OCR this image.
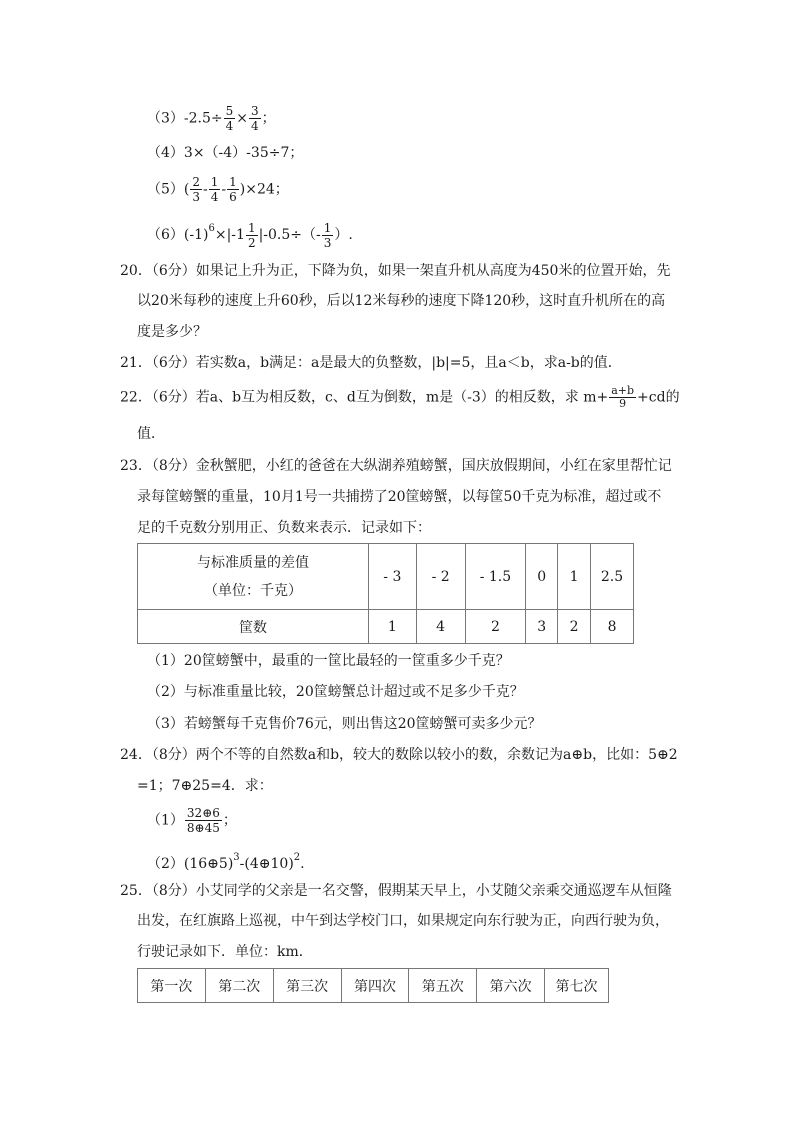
$(3)-2.5\div \frac{5}{4} \times \frac{3}{4}$ ；
（4）3×（-4）-35÷7；
$(5)( \frac{2}{3} - \frac{1}{4} - \frac{1}{6} )\times 24$；
$(6)(-1)^6\times|-1 \frac{1}{2} |-0.5\div(- \frac{1}{3}$ ）.
20．（6分）如果记上升为正，下降为负，如果一架直升机从高度为450米的位置开始，先
以20米每秒的速度上升60秒，后以12米每秒的速度下降120秒，这时直升机所在的高
度是多少？
21．（6分）若实数a，b满足：a是最大的负整数，|b|=5，且a＜b，求a-b的值．
22．（6分）若a、b互为相反数，c、d互为倒数，m是（-3）的相反数，求 $m+ \frac{a+b}{9} +cd$的
值．
23．（8分）金秋蟹肥，小红的爸爸在大纵湖养殖螃蟹，国庆放假期间，小红在家里帮忙记
录每筐螃蟹的重量，10月1号一共捕捞了20筐螃蟹，以每筐50千克为标准，超过或不
足的千克数分别用正、负数来表示．记录如下：
与标准质量的差值
（单位：千克）	- 3	- 2	- 1.5	0	1	2.5
筐数	1	4	2	3	2	8
（1）20筐螃蟹中，最重的一筐比最轻的一筐重多少千克？
（2）与标准重量比较，20筐螃蟹总计超过或不足多少千克？
（3）若螃蟹每千克售价76元，则出售这20筐螃蟹可卖多少元？
24．（8分）两个不等的自然数a和b，较大的数除以较小的数，余数记为a⊕b，比如：5⊕2
=1；7⊕25=4．求：
$(1) \frac{32\oplus 6}{8\oplus 45}$ ；
（2）(16⊕5)$^3$-(4⊕10)$^2$.
25．（8分）小艾同学的父亲是一名交警，假期某天早上，小艾随父亲乘交通巡逻车从恒隆
出发，在红旗路上巡视，中午到达学校门口，如果规定向东行驶为正，向西行驶为负，
行驶记录如下．单位：km．
第一次	第二次	第三次	第四次	第五次	第六次	第七次
